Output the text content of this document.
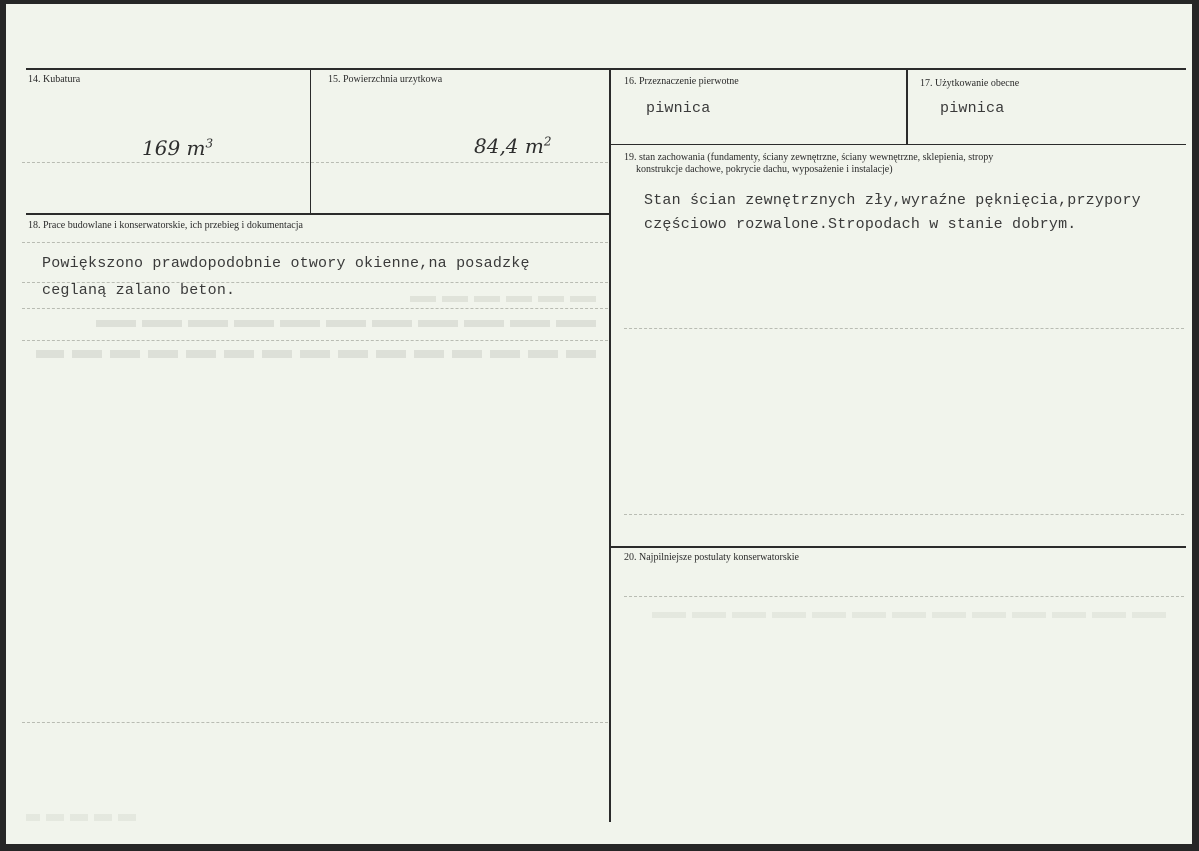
14. Kubatura
169 $m^3$
15. Powierzchnia urzytkowa
84,4 $m^2$
16. Przeznaczenie pierwotne
piwnica
17. Użytkowanie obecne
piwnica
18. Prace budowlane i konserwatorskie, ich przebieg i dokumentacja
Powiększono prawdopodobnie otwory okienne,na posadzkę
ceglaną zalano beton.
19. stan zachowania (fundamenty, ściany zewnętrzne, ściany wewnętrzne, sklepienia, stropy
konstrukcje dachowe, pokrycie dachu, wyposażenie i instalacje)
Stan ścian zewnętrznych zły,wyraźne pęknięcia,przypory
częściowo rozwalone.Stropodach w stanie dobrym.
20. Najpilniejsze postulaty konserwatorskie
